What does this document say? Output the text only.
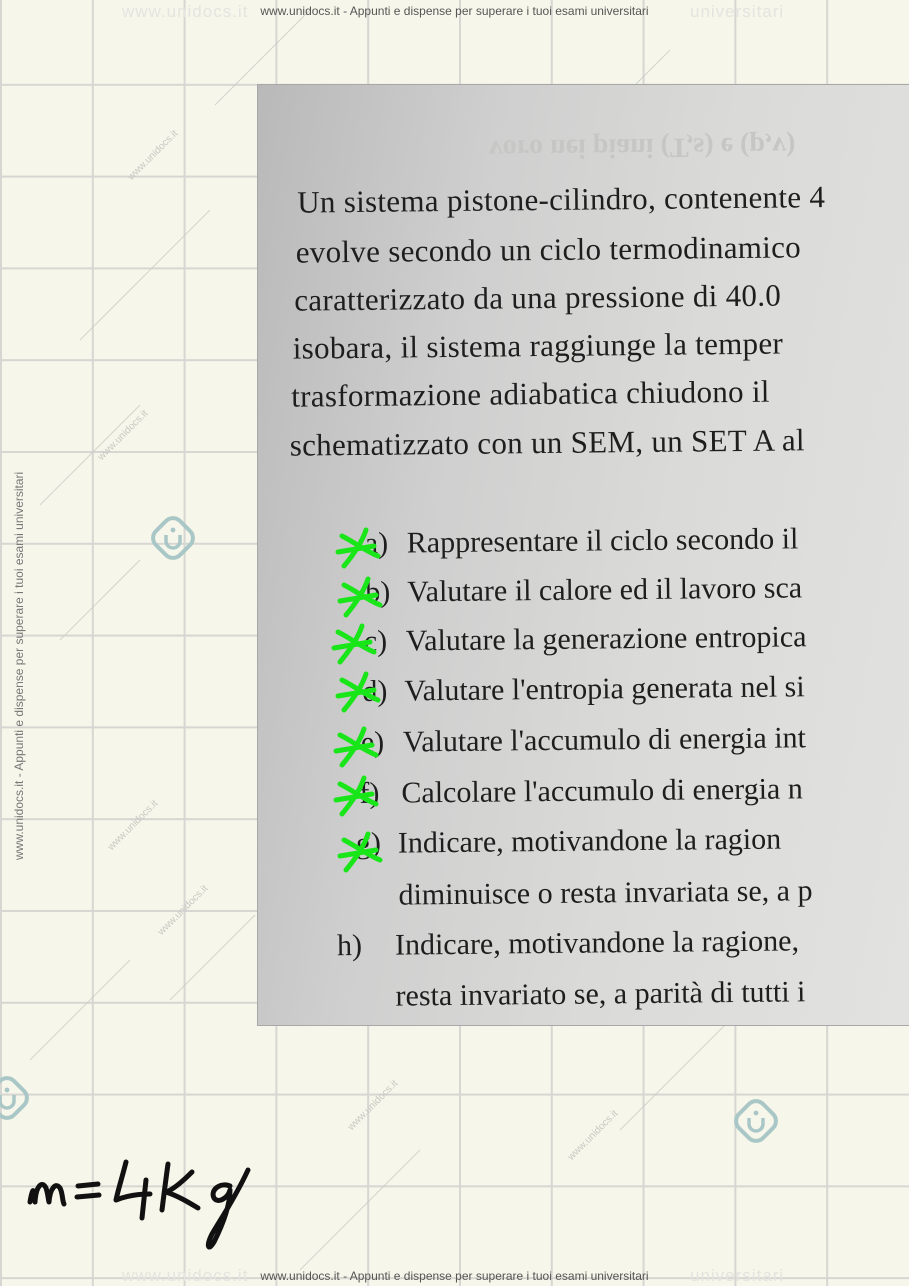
www.unidocs.it	universitari
www.unidocs.it	universitari
www.unidocs.it - Appunti e dispense per superare i tuoi esami universitari
www.unidocs.it - Appunti e dispense per superare i tuoi esami universitari
www.unidocs.it - Appunti e dispense per superare i tuoi esami universitari
www.unidocs.it
www.unidocs.it
www.unidocs.it
www.unidocs.it
www.unidocs.it
www.unidocs.it
vorо nei piani (T,s) e (p,v)
Un sistema pistone-cilindro, contenente 4
evolve secondo un ciclo termodinamico
caratterizzato da una pressione di 40.0
isobara, il sistema raggiunge la temper
trasformazione adiabatica chiudono il
schematizzato con un SEM, un SET A al
a) Rappresentare il ciclo secondo il
b) Valutare il calore ed il lavoro sca
c) Valutare la generazione entropica
d) Valutare l'entropia generata nel si
e) Valutare l'accumulo di energia int
f) Calcolare l'accumulo di energia n
g) Indicare, motivandone la ragion
diminuisce o resta invariata se, a p
h) Indicare, motivandone la ragione,
resta invariato se, a parità di tutti i
m = 4 Kg
